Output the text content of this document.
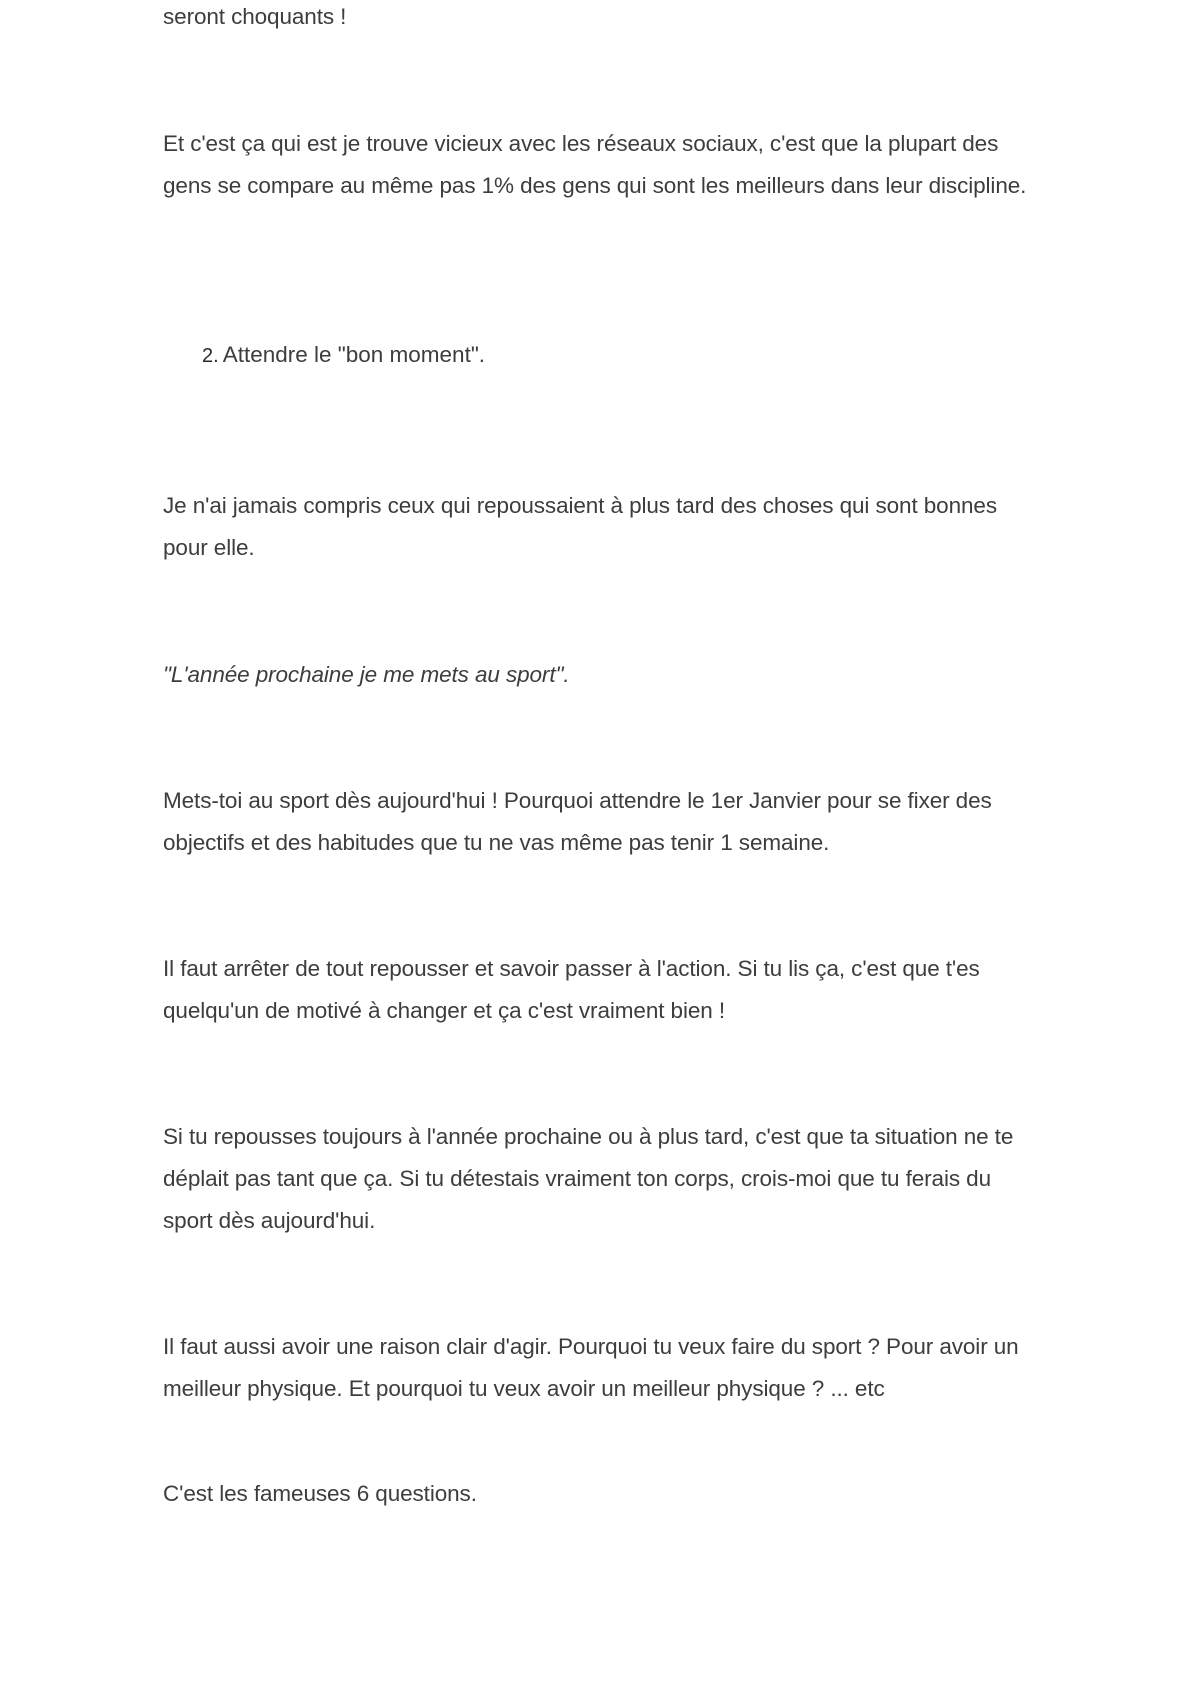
seront choquants !

Et c'est ça qui est je trouve vicieux avec les réseaux sociaux, c'est que la plupart des gens se compare au même pas 1% des gens qui sont les meilleurs dans leur discipline.

2. Attendre le "bon moment".

Je n'ai jamais compris ceux qui repoussaient à plus tard des choses qui sont bonnes pour elle.

"L'année prochaine je me mets au sport".

Mets-toi au sport dès aujourd'hui ! Pourquoi attendre le 1er Janvier pour se fixer des objectifs et des habitudes que tu ne vas même pas tenir 1 semaine.

Il faut arrêter de tout repousser et savoir passer à l'action. Si tu lis ça, c'est que t'es quelqu'un de motivé à changer et ça c'est vraiment bien !

Si tu repousses toujours à l'année prochaine ou à plus tard, c'est que ta situation ne te déplait pas tant que ça. Si tu détestais vraiment ton corps, crois-moi que tu ferais du sport dès aujourd'hui.

Il faut aussi avoir une raison clair d'agir. Pourquoi tu veux faire du sport ? Pour avoir un meilleur physique. Et pourquoi tu veux avoir un meilleur physique ? ... etc

C'est les fameuses 6 questions.
